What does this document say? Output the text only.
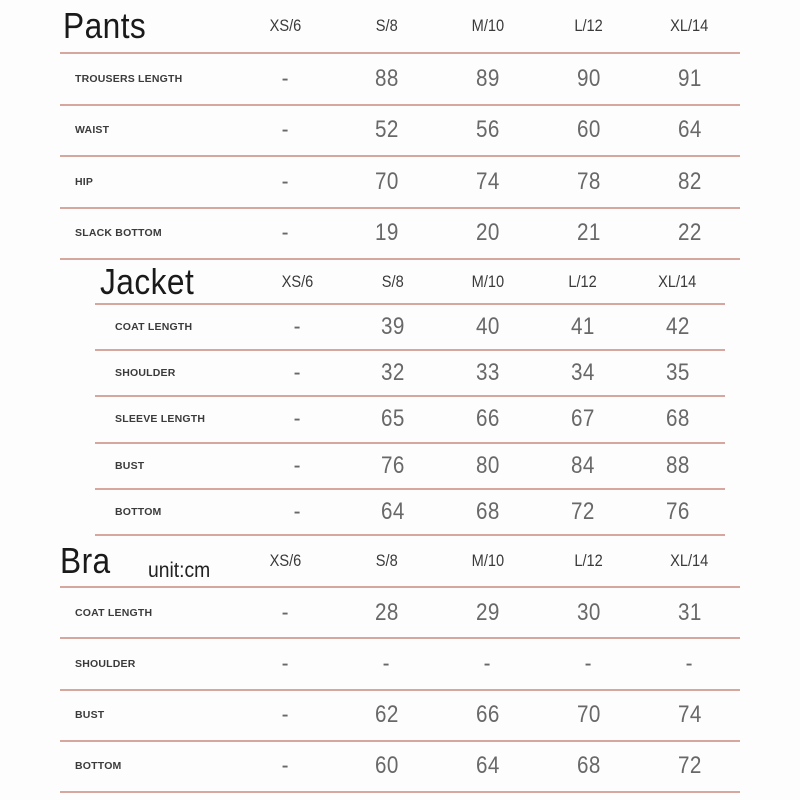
Pants	XS/6	S/8	M/10	L/12	XL/14
TROUSERS LENGTH	-	88	89	90	91
WAIST	-	52	56	60	64
HIP	-	70	74	78	82
SLACK BOTTOM	-	19	20	21	22
Jacket	XS/6	S/8	M/10	L/12	XL/14
COAT LENGTH	-	39	40	41	42
SHOULDER	-	32	33	34	35
SLEEVE LENGTH	-	65	66	67	68
BUST	-	76	80	84	88
BOTTOM	-	64	68	72	76
Bra unit:cm	XS/6	S/8	M/10	L/12	XL/14
COAT LENGTH	-	28	29	30	31
SHOULDER	-	-	-	-	-
BUST	-	62	66	70	74
BOTTOM	-	60	64	68	72
